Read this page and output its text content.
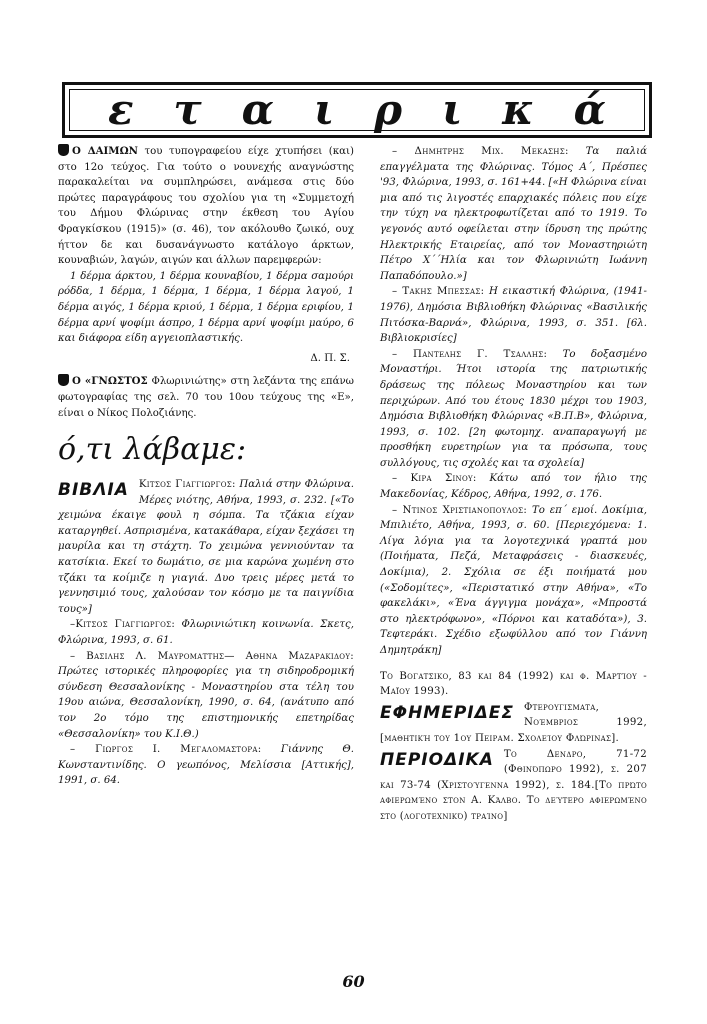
ε τ α ι ρ ι κ ά

Ο ΔΑΙΜΩΝ του τυπογραφείου είχε χτυπήσει (και) στο 12ο τεύχος. Για τούτο ο νουνεχής αναγνώστης παρακαλείται να συμπληρώσει, ανάμεσα στις δύο πρώτες παραγράφους του σχολίου για τη «Συμμετοχή του Δήμου Φλώρινας στην έκθεση του Αγίου Φραγκίσκου (1915)» (σ. 46), τον ακόλουθο ζωικό, ουχ ήττον δε και δυσανάγνωστο κατάλογο άρκτων, κουναβιών, λαγών, αιγών και άλλων παρεμφερών:

1 δέρμα άρκτου, 1 δέρμα κουναβίου, 1 δέρμα σαμούρι ρόδδα, 1 δέρμα, 1 δέρμα, 1 δέρμα, 1 δέρμα λαγού, 1 δέρμα αιγός, 1 δέρμα κριού, 1 δέρμα, 1 δέρμα εριφίου, 1 δέρμα αρνί ψοφίμι άσπρο, 1 δέρμα αρνί ψοφίμι μαύρο, 6 και διάφορα είδη αγγειοπλαστικής.

Δ. Π. Σ.

Ο «ΓΝΩΣΤΟΣ Φλωρινιώτης» στη λεζάντα της επάνω φωτογραφίας της σελ. 70 του 10ου τεύχους της «Ε», είναι ο Νίκος Πολοζιάνης.

ό,τι λάβαμε:

Κιτσος Γιαγγιωργος:
ΒΙΒΛΙΑ	Παλιά στην Φλώρινα. Μέρες νιότης, Αθήνα, 1993, σ. 232. [«Το χειμώνα έκαιγε φουλ η σόμπα. Τα τζάκια είχαν καταργηθεί. Ασπρισμένα, κατακάθαρα, είχαν ξεχάσει τη μαυρίλα και τη στάχτη. Το χειμώνα γεννιούνταν τα κατσίκια. Εκεί το δωμάτιο, σε μια καρώνα χωμένη στο τζάκι τα κοίμιζε η γιαγιά. Δυο τρεις μέρες μετά το γεννησιμιό τους, χαλούσαν τον κόσμο με τα παιγνίδια τους»]

–Κιτσος Γιαγγιωργος: Φλωρινιώτικη κοινωνία. Σκετς, Φλώρινα, 1993, σ. 61.

– Βασιλης Λ. Μαυροματτης— Αθηνα Μαζαρακιδου: Πρώτες ιστορικές πληροφορίες για τη σιδηροδρομική σύνδεση Θεσσαλονίκης - Μοναστηρίου στα τέλη του 19ου αιώνα, Θεσσαλονίκη, 1990, σ. 64, (ανάτυπο από τον 2ο τόμο της επιστημονικής επετηρίδας «Θεσσαλονίκη» του Κ.Ι.Θ.)

– Γιωργος Ι. Μεγαλομαστορα: Γιάννης Θ. Κωνσταντινίδης. Ο γεωπόνος, Μελίσσια [Αττικής], 1991, σ. 64.

– Δημητρης Μιχ. Μεκασης: Τα παλιά επαγγέλματα της Φλώρινας. Τόμος Α΄, Πρέσπες '93, Φλώρινα, 1993, σ. 161+44. [«Η Φλώρινα είναι μια από τις λιγοστές επαρχιακές πόλεις που είχε την τύχη να ηλεκτροφωτίζεται από το 1919. Το γεγονός αυτό οφείλεται στην ίδρυση της πρώτης Ηλεκτρικής Εταιρείας, από τον Μοναστηριώτη Πέτρο Χ΄΄Ηλία και τον Φλωρινιώτη Ιωάννη Παπαδόπουλο.»]

– Τακης Μπεσσας: Η εικαστική Φλώρινα, (1941-1976), Δημόσια Βιβλιοθήκη Φλώρινας «Βασιλικής Πιτόσκα-Βαρνά», Φλώρινα, 1993, σ. 351. [6λ. Βιβλιοκρισίες]

– Παντελης Γ. Τσαλλης: Το δοξασμένο Μοναστήρι. Ήτοι ιστορία της πατριωτικής δράσεως της πόλεως Μοναστηρίου και των περιχώρων. Από του έτους 1830 μέχρι του 1903, Δημόσια Βιβλιοθήκη Φλώρινας «Β.Π.Β», Φλώρινα, 1993, σ. 102. [2η φωτομηχ. αναπαραγωγή με προσθήκη ευρετηρίων για τα πρόσωπα, τους συλλόγους, τις σχολές και τα σχολεία]

– Κιρα Σινου: Κάτω από τον ήλιο της Μακεδονίας, Κέδρος, Αθήνα, 1992, σ. 176.

– Ντινος Χριστιανοπουλος: Το επ΄ εμοί. Δοκίμια, Μπιλιέτο, Αθήνα, 1993, σ. 60. [Περιεχόμενα: 1. Λίγα λόγια για τα λογοτεχνικά γραπτά μου (Ποιήματα, Πεζά, Μεταφράσεις - διασκευές, Δοκίμια), 2. Σχόλια σε έξι ποιήματά μου («Σοδομίτες», «Περιστατικό στην Αθήνα», «Το φακελάκι», «Ένα άγγιγμα μονάχα», «Μπροστά στο ηλεκτρόφωνο», «Πόρνοι και καταδότα»), 3. Τεφτεράκι. Σχέδιο εξωφύλλου από τον Γιάννη Δημητράκη]

Το Βογατσικο, 83 και 84 (1992) και φ. Μαρτίου - Μαΐου 1993).

ΕΦΗΜΕΡΙΔΕΣ Φτερουγισματα, Νοέμβριος 1992, [μαθητική του 1ου Πειραμ. Σχολείου Φλώρινας].

ΠΕΡΙΟΔΙΚΑ Το Δενδρο, 71-72 (Φθινόπωρο 1992), σ. 207 και 73-74 (Χριστούγεννα 1992), σ. 184.[Το πρώτο αφιερωμένο στον Α. Κάλβο. Το δεύτερο αφιερωμένο στο (λογοτεχνικό) τραίνο]

60
